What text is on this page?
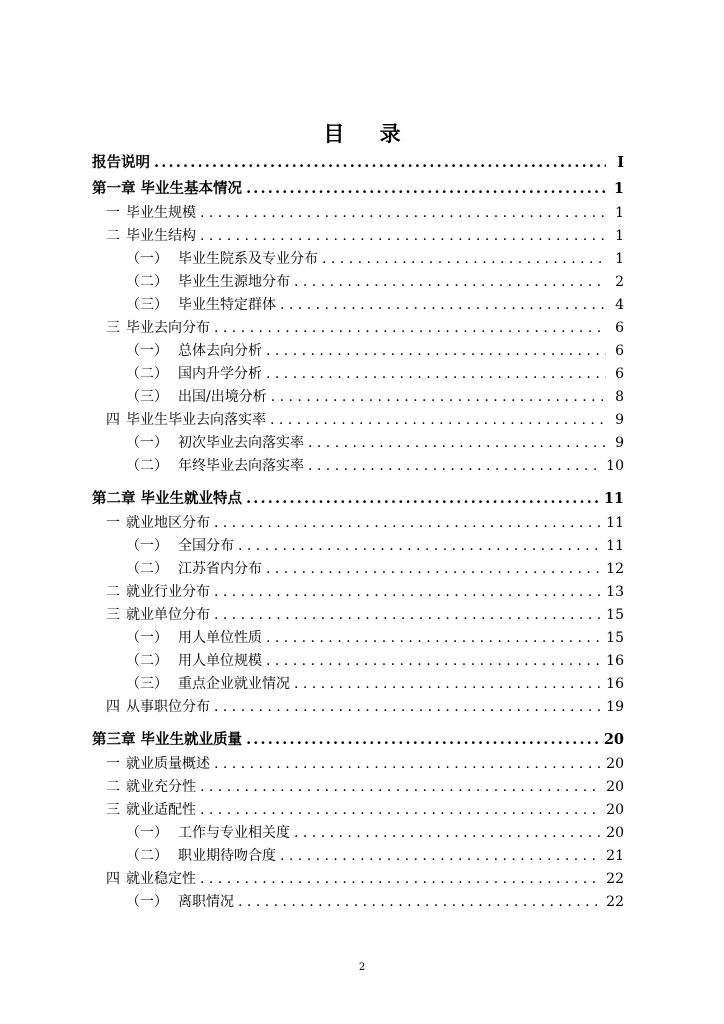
目 录
报告说明 .....	I
第一章 毕业生基本情况 .....	1
一 毕业生规模 . . .	1
二 毕业生结构 . . .	1
（一） 毕业生院系及专业分布 . . .	1
（二） 毕业生生源地分布 . . .	2
（三） 毕业生特定群体 . . .	4
三 毕业去向分布 . . .	6
（一） 总体去向分析 . . .	6
（二） 国内升学分析 . . .	6
（三） 出国/出境分析 . . .	8
四 毕业生毕业去向落实率 . . .	9
（一） 初次毕业去向落实率 . . .	9
（二） 年终毕业去向落实率 . . .	10
第二章 毕业生就业特点 .....	11
一 就业地区分布 . . .	11
（一） 全国分布 . . .	11
（二） 江苏省内分布 . . .	12
二 就业行业分布 . . .	13
三 就业单位分布 . . .	15
（一） 用人单位性质 . . .	15
（二） 用人单位规模 . . .	16
（三） 重点企业就业情况 . . .	16
四 从事职位分布 . . .	19
第三章 毕业生就业质量 .....	20
一 就业质量概述 . . .	20
二 就业充分性 . . .	20
三 就业适配性 . . .	20
（一） 工作与专业相关度 . . .	20
（二） 职业期待吻合度 . . .	21
四 就业稳定性 . . .	22
（一） 离职情况 . . .	22
2
